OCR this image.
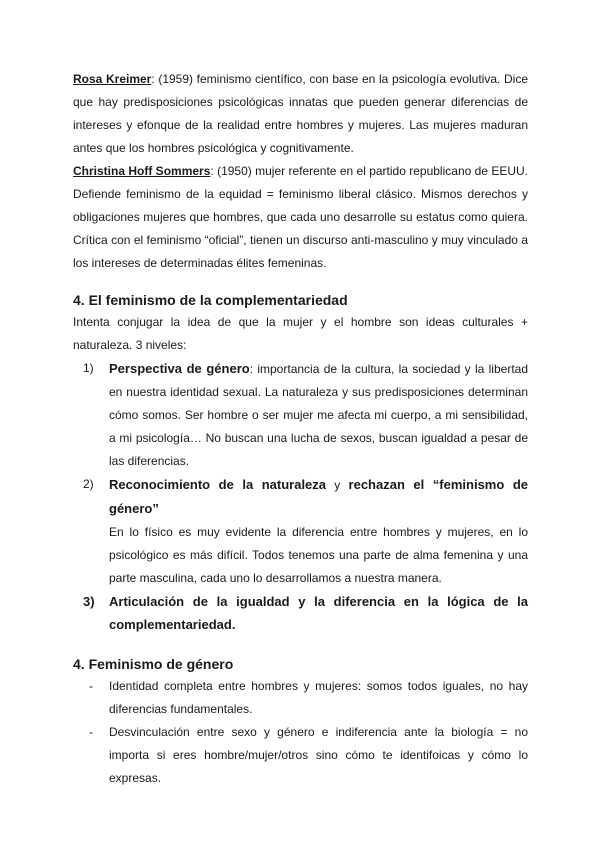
Rosa Kreimer: (1959) feminismo científico, con base en la psicología evolutiva. Dice que hay predisposiciones psicológicas innatas que pueden generar diferencias de intereses y efonque de la realidad entre hombres y mujeres. Las mujeres maduran antes que los hombres psicológica y cognitivamente.

Christina Hoff Sommers: (1950) mujer referente en el partido republicano de EEUU. Defiende feminismo de la equidad = feminismo liberal clásico. Mismos derechos y obligaciones mujeres que hombres, que cada uno desarrolle su estatus como quiera. Crítica con el feminismo “oficial”, tienen un discurso anti-masculino y muy vinculado a los intereses de determinadas élites femeninas.

4. El feminismo de la complementariedad

Intenta conjugar la idea de que la mujer y el hombre son ideas culturales + naturaleza. 3 niveles:

1) Perspectiva de género: importancia de la cultura, la sociedad y la libertad en nuestra identidad sexual. La naturaleza y sus predisposiciones determinan cómo somos. Ser hombre o ser mujer me afecta mi cuerpo, a mi sensibilidad, a mi psicología… No buscan una lucha de sexos, buscan igualdad a pesar de las diferencias.
2) Reconocimiento de la naturaleza y rechazan el “feminismo de género”
En lo físico es muy evidente la diferencia entre hombres y mujeres, en lo psicológico es más difícil. Todos tenemos una parte de alma femenina y una parte masculina, cada uno lo desarrollamos a nuestra manera.
3) Articulación de la igualdad y la diferencia en la lógica de la complementariedad.
4. Feminismo de género
- Identidad completa entre hombres y mujeres: somos todos iguales, no hay diferencias fundamentales.
- Desvinculación entre sexo y género e indiferencia ante la biología = no importa si eres hombre/mujer/otros sino cómo te identifoicas y cómo lo expresas.
